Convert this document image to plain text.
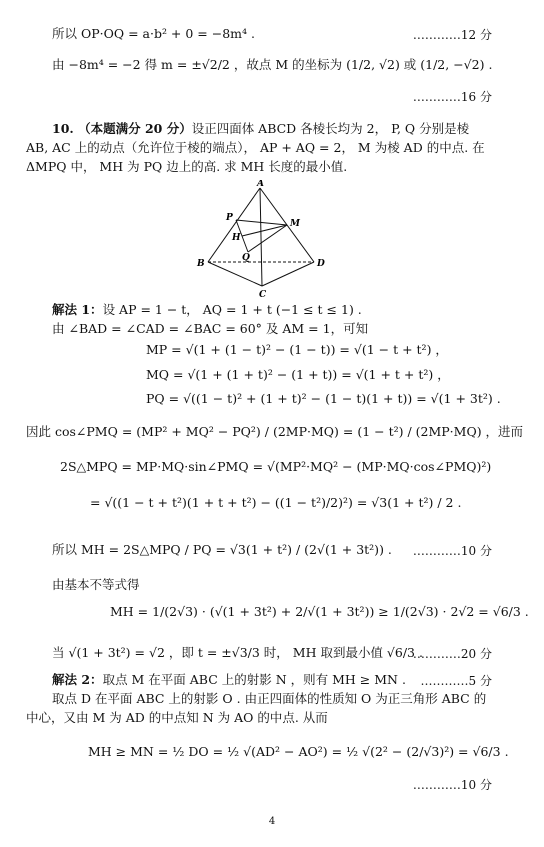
所以 OP·OQ = a·b² + 0 = −8m⁴ .	…………12 分
由 −8m⁴ = −2 得 m = ±√2/2 ，故点 M 的坐标为 (1/2, √2) 或 (1/2, −√2) .
…………16 分
10. （本题满分 20 分）设正四面体 ABCD 各棱长均为 2， P, Q 分别是棱
AB, AC 上的动点（允许位于棱的端点）， AP + AQ = 2， M 为棱 AD 的中点. 在
ΔMPQ 中， MH 为 PQ 边上的高. 求 MH 长度的最小值.
A
B
C
D
P
Q
M
H
解法 1：设 AP = 1 − t， AQ = 1 + t (−1 ≤ t ≤ 1) .
由 ∠BAD = ∠CAD = ∠BAC = 60° 及 AM = 1，可知
MP = √(1 + (1 − t)² − (1 − t)) = √(1 − t + t²) ，
MQ = √(1 + (1 + t)² − (1 + t)) = √(1 + t + t²) ，
PQ = √((1 − t)² + (1 + t)² − (1 − t)(1 + t)) = √(1 + 3t²) .
因此 cos∠PMQ = (MP² + MQ² − PQ²) / (2MP·MQ) = (1 − t²) / (2MP·MQ) ，进而
2S△MPQ = MP·MQ·sin∠PMQ = √(MP²·MQ² − (MP·MQ·cos∠PMQ)²)
= √((1 − t + t²)(1 + t + t²) − ((1 − t²)/2)²) = √3(1 + t²) / 2 .
所以 MH = 2S△MPQ / PQ = √3(1 + t²) / (2√(1 + 3t²)) . …………10 分
由基本不等式得
MH = 1/(2√3) · (√(1 + 3t²) + 2/√(1 + 3t²)) ≥ 1/(2√3) · 2√2 = √6/3 .
当 √(1 + 3t²) = √2 ，即 t = ±√3/3 时， MH 取到最小值 √6/3 .
…………20 分
解法 2：取点 M 在平面 ABC 上的射影 N ，则有 MH ≥ MN . …………5 分
取点 D 在平面 ABC 上的射影 O . 由正四面体的性质知 O 为正三角形 ABC 的
中心，又由 M 为 AD 的中点知 N 为 AO 的中点. 从而
MH ≥ MN = ½ DO = ½ √(AD² − AO²) = ½ √(2² − (2/√3)²) = √6/3 .
…………10 分
4
